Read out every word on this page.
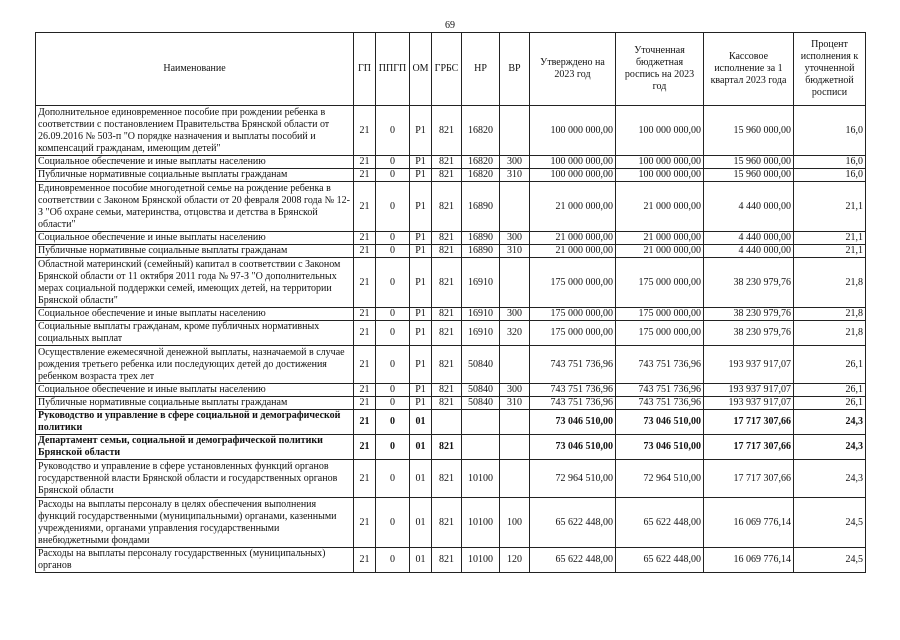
69
Наименование	ГП	ППГП	ОМ	ГРБС	НР	ВР	Утверждено на 2023 год	Уточненная бюджетная роспись на 2023 год	Кассовое исполнение за 1 квартал 2023 года	Процент исполнения к уточненной бюджетной росписи
Дополнительное единовременное пособие при рождении ребенка в соответствии с постановлением Правительства Брянской области от 26.09.2016 № 503-п "О порядке назначения и выплаты пособий и компенсаций гражданам, имеющим детей"	21	0	Р1	821	16820		100 000 000,00	100 000 000,00	15 960 000,00	16,0
Социальное обеспечение и иные выплаты населению	21	0	Р1	821	16820	300	100 000 000,00	100 000 000,00	15 960 000,00	16,0
Публичные нормативные социальные выплаты гражданам	21	0	Р1	821	16820	310	100 000 000,00	100 000 000,00	15 960 000,00	16,0
Единовременное пособие многодетной семье на рождение ребенка в соответствии с Законом Брянской области от 20 февраля 2008 года № 12-З "Об охране семьи, материнства, отцовства и детства в Брянской области"	21	0	Р1	821	16890		21 000 000,00	21 000 000,00	4 440 000,00	21,1
Социальное обеспечение и иные выплаты населению	21	0	Р1	821	16890	300	21 000 000,00	21 000 000,00	4 440 000,00	21,1
Публичные нормативные социальные выплаты гражданам	21	0	Р1	821	16890	310	21 000 000,00	21 000 000,00	4 440 000,00	21,1
Областной материнский (семейный) капитал в соответствии с Законом Брянской области от 11 октября 2011 года № 97-З "О дополнительных мерах социальной поддержки семей, имеющих детей, на территории Брянской области"	21	0	Р1	821	16910		175 000 000,00	175 000 000,00	38 230 979,76	21,8
Социальное обеспечение и иные выплаты населению	21	0	Р1	821	16910	300	175 000 000,00	175 000 000,00	38 230 979,76	21,8
Социальные выплаты гражданам, кроме публичных нормативных социальных выплат	21	0	Р1	821	16910	320	175 000 000,00	175 000 000,00	38 230 979,76	21,8
Осуществление ежемесячной денежной выплаты, назначаемой в случае рождения третьего ребенка или последующих детей до достижения ребенком возраста трех лет	21	0	Р1	821	50840		743 751 736,96	743 751 736,96	193 937 917,07	26,1
Социальное обеспечение и иные выплаты населению	21	0	Р1	821	50840	300	743 751 736,96	743 751 736,96	193 937 917,07	26,1
Публичные нормативные социальные выплаты гражданам	21	0	Р1	821	50840	310	743 751 736,96	743 751 736,96	193 937 917,07	26,1
Руководство и управление в сфере социальной и демографической политики	21	0	01				73 046 510,00	73 046 510,00	17 717 307,66	24,3
Департамент семьи, социальной и демографической политики Брянской области	21	0	01	821			73 046 510,00	73 046 510,00	17 717 307,66	24,3
Руководство и управление в сфере установленных функций органов государственной власти Брянской области и государственных органов Брянской области	21	0	01	821	10100		72 964 510,00	72 964 510,00	17 717 307,66	24,3
Расходы на выплаты персоналу в целях обеспечения выполнения функций государственными (муниципальными) органами, казенными учреждениями, органами управления государственными внебюджетными фондами	21	0	01	821	10100	100	65 622 448,00	65 622 448,00	16 069 776,14	24,5
Расходы на выплаты персоналу государственных (муниципальных) органов	21	0	01	821	10100	120	65 622 448,00	65 622 448,00	16 069 776,14	24,5
